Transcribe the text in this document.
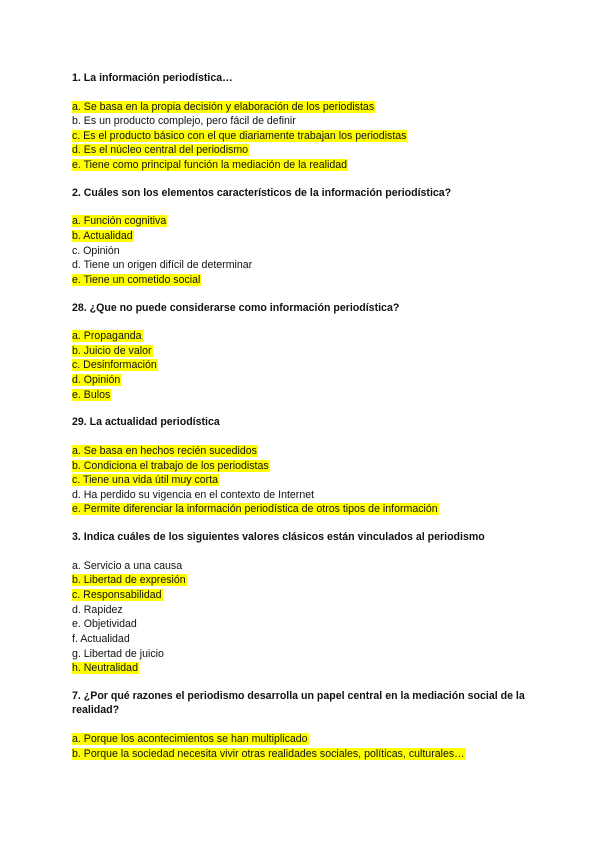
1. La información periodística…

a. Se basa en la propia decisión y elaboración de los periodistas
b. Es un producto complejo, pero fácil de definir
c. Es el producto básico con el que diariamente trabajan los periodistas
d. Es el núcleo central del periodismo
e. Tiene como principal función la mediación de la realidad

2. Cuáles son los elementos característicos de la información periodística?

a. Función cognitiva
b. Actualidad
c. Opinión
d. Tiene un origen difícil de determinar
e. Tiene un cometido social

28. ¿Que no puede considerarse como información periodística?

a. Propaganda
b. Juicio de valor
c. Desinformación
d. Opinión
e. Bulos

29. La actualidad periodística

a. Se basa en hechos recién sucedidos
b. Condiciona el trabajo de los periodistas
c. Tiene una vida útil muy corta
d. Ha perdido su vigencia en el contexto de Internet
e. Permite diferenciar la información periodística de otros tipos de información

3. Indica cuáles de los siguientes valores clásicos están vinculados al periodismo

a. Servicio a una causa
b. Libertad de expresión
c. Responsabilidad
d. Rapidez
e. Objetividad
f. Actualidad
g. Libertad de juicio
h. Neutralidad

7. ¿Por qué razones el periodismo desarrolla un papel central en la mediación social de la realidad?

a. Porque los acontecimientos se han multiplicado
b. Porque la sociedad necesita vivir otras realidades sociales, políticas, culturales…
